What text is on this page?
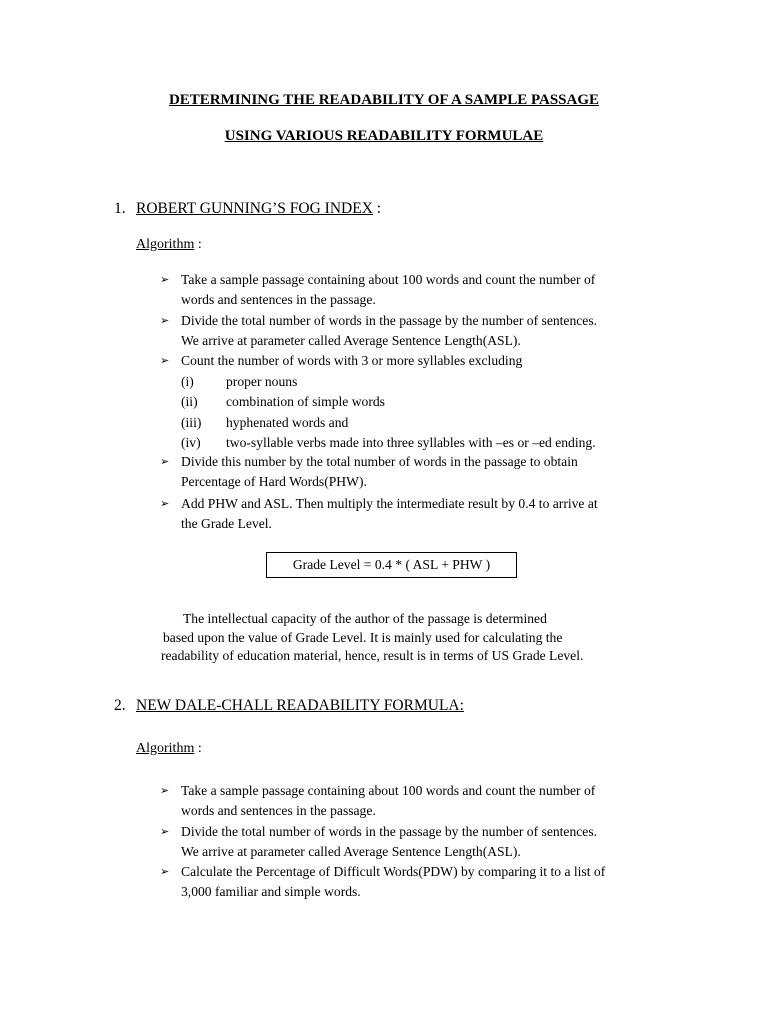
DETERMINING THE READABILITY OF A SAMPLE PASSAGE
USING VARIOUS READABILITY FORMULAE
1. ROBERT GUNNING’S FOG INDEX :
Algorithm :
➢ Take a sample passage containing about 100 words and count the number of
words and sentences in the passage.
➢ Divide the total number of words in the passage by the number of sentences.
We arrive at parameter called Average Sentence Length(ASL).
➢ Count the number of words with 3 or more syllables excluding
(i) proper nouns
(ii) combination of simple words
(iii) hyphenated words and
(iv) two-syllable verbs made into three syllables with –es or –ed ending.
➢ Divide this number by the total number of words in the passage to obtain
Percentage of Hard Words(PHW).
➢ Add PHW and ASL. Then multiply the intermediate result by 0.4 to arrive at
the Grade Level.
Grade Level = 0.4 * ( ASL + PHW )
The intellectual capacity of the author of the passage is determined
based upon the value of Grade Level. It is mainly used for calculating the
readability of education material, hence, result is in terms of US Grade Level.
2. NEW DALE-CHALL READABILITY FORMULA:
Algorithm :
➢ Take a sample passage containing about 100 words and count the number of
words and sentences in the passage.
➢ Divide the total number of words in the passage by the number of sentences.
We arrive at parameter called Average Sentence Length(ASL).
➢ Calculate the Percentage of Difficult Words(PDW) by comparing it to a list of
3,000 familiar and simple words.
